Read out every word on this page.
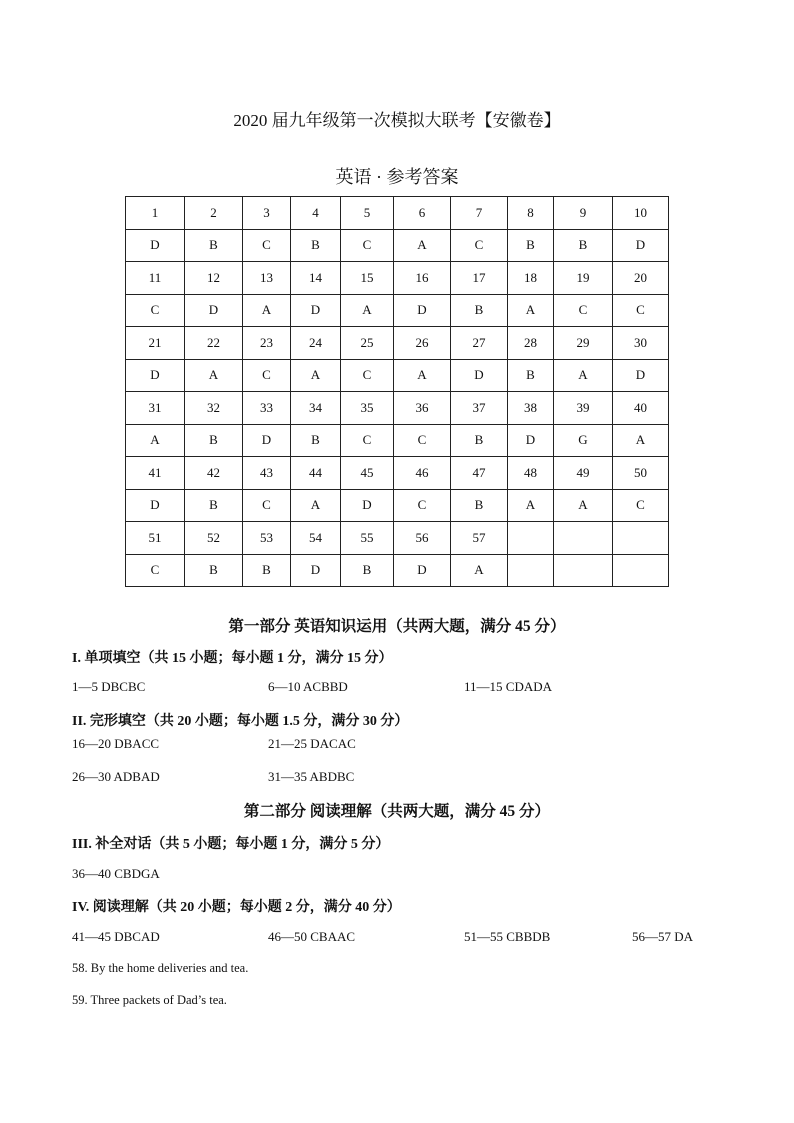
2020 届九年级第一次模拟大联考【安徽卷】
英语 · 参考答案
1	2	3	4	5	6	7	8	9	10
D	B	C	B	C	A	C	B	B	D
11	12	13	14	15	16	17	18	19	20
C	D	A	D	A	D	B	A	C	C
21	22	23	24	25	26	27	28	29	30
D	A	C	A	C	A	D	B	A	D
31	32	33	34	35	36	37	38	39	40
A	B	D	B	C	C	B	D	G	A
41	42	43	44	45	46	47	48	49	50
D	B	C	A	D	C	B	A	A	C
51	52	53	54	55	56	57			
C	B	B	D	B	D	A			
第一部分 英语知识运用（共两大题，满分 45 分）
I. 单项填空（共 15 小题；每小题 1 分，满分 15 分）
1—5 DBCBC	6—10 ACBBD	11—15 CDADA
II. 完形填空（共 20 小题；每小题 1.5 分，满分 30 分）
16—20 DBACC	21—25 DACAC
26—30 ADBAD	31—35 ABDBC
第二部分 阅读理解（共两大题，满分 45 分）
III. 补全对话（共 5 小题；每小题 1 分，满分 5 分）
36—40 CBDGA
IV. 阅读理解（共 20 小题；每小题 2 分，满分 40 分）
41—45 DBCAD	46—50 CBAAC	51—55 CBBDB	56—57 DA
58. By the home deliveries and tea.
59. Three packets of Dad’s tea.
